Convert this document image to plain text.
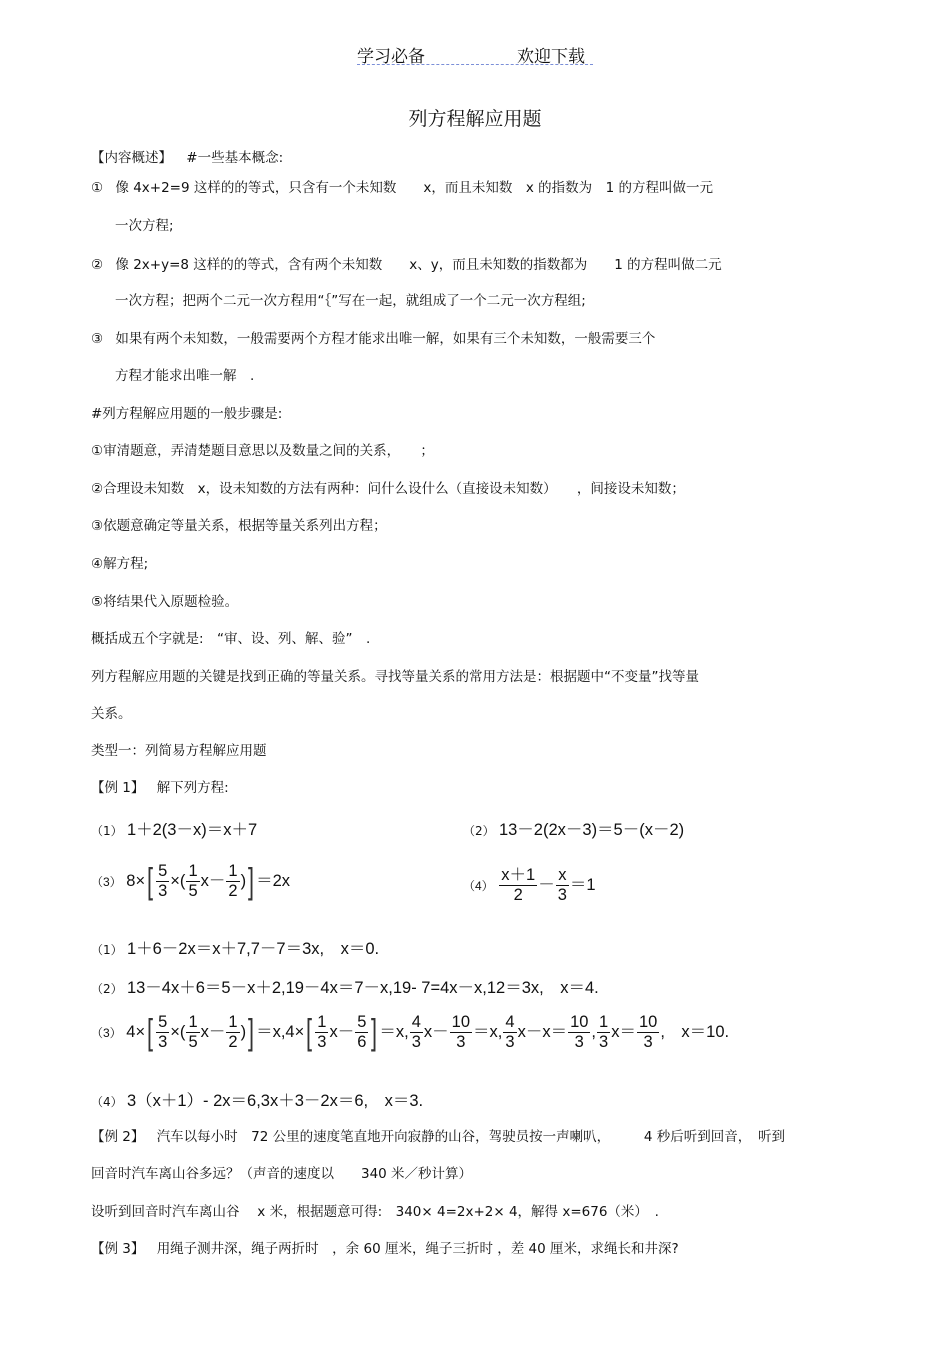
学习必备	欢迎下载
列方程解应用题
【内容概述】 #一些基本概念:
① 像 4x+2=9 这样的的等式，只含有一个未知数　　x，而且未知数　x 的指数为　1 的方程叫做一元
一次方程;
② 像 2x+y=8 这样的的等式，含有两个未知数　　x、y，而且未知数的指数都为　　1 的方程叫做二元
一次方程；把两个二元一次方程用“｛”写在一起，就组成了一个二元一次方程组;
③ 如果有两个未知数，一般需要两个方程才能求出唯一解，如果有三个未知数，一般需要三个
方程才能求出唯一解　.
#列方程解应用题的一般步骤是:
①审清题意，弄清楚题目意思以及数量之间的关系，　　；
②合理设未知数　x，设未知数的方法有两种：问什么设什么（直接设未知数）　　，间接设未知数；
③依题意确定等量关系，根据等量关系列出方程；
④解方程;
⑤将结果代入原题检验。
概括成五个字就是:　“审、设、列、解、验”　.
列方程解应用题的关键是找到正确的等量关系。寻找等量关系的常用方法是：根据题中“不变量”找等量
关系。
类型一：列简易方程解应用题
【例 1】 解下列方程:
（1） 1＋2(3－x)＝x＋7	（2） 13－2(2x－3)＝5－(x－2)
（3） $8\times[ \frac{5}{3}$ ×( $\frac{1}{5} x- \frac{1}{2}$ )] ＝2x	$(4) \frac{x+1}{2} - \frac{x}{3} =1$
（1） 1＋6－2x＝x＋7,7－7＝3x,　x＝0.
（2） 13－4x＋6＝5－x＋2,19－4x＝7－x,19- 7=4x－x,12＝3x,　x＝4.
（3） $4\times[ \frac{5}{3}$ ×( $\frac{1}{5} x- \frac{1}{2}$ )] $=x,4\times[ \frac{1}{3} x- \frac{5}{6}$ ] ＝x, $\frac{4}{3} x- \frac{10}{3} =x$, $\frac{4}{3} x-x= \frac{10}{3}$ , $\frac{1}{3} x= \frac{10}{3}$ ,　x＝10.
（4） 3（x＋1）- 2x＝6,3x＋3－2x＝6,　x＝3.
【例 2】 汽车以每小时　72 公里的速度笔直地开向寂静的山谷，驾驶员按一声喇叭，　　　4 秒后听到回音，　听到
回音时汽车离山谷多远？（声音的速度以　　340 米／秒计算）
设听到回音时汽车离山谷　 x 米，根据题意可得:　340× 4=2x+2× 4，解得 x=676（米）　.
【例 3】 用绳子测井深，绳子两折时　，余 60 厘米，绳子三折时 ，差 40 厘米，求绳长和井深?
